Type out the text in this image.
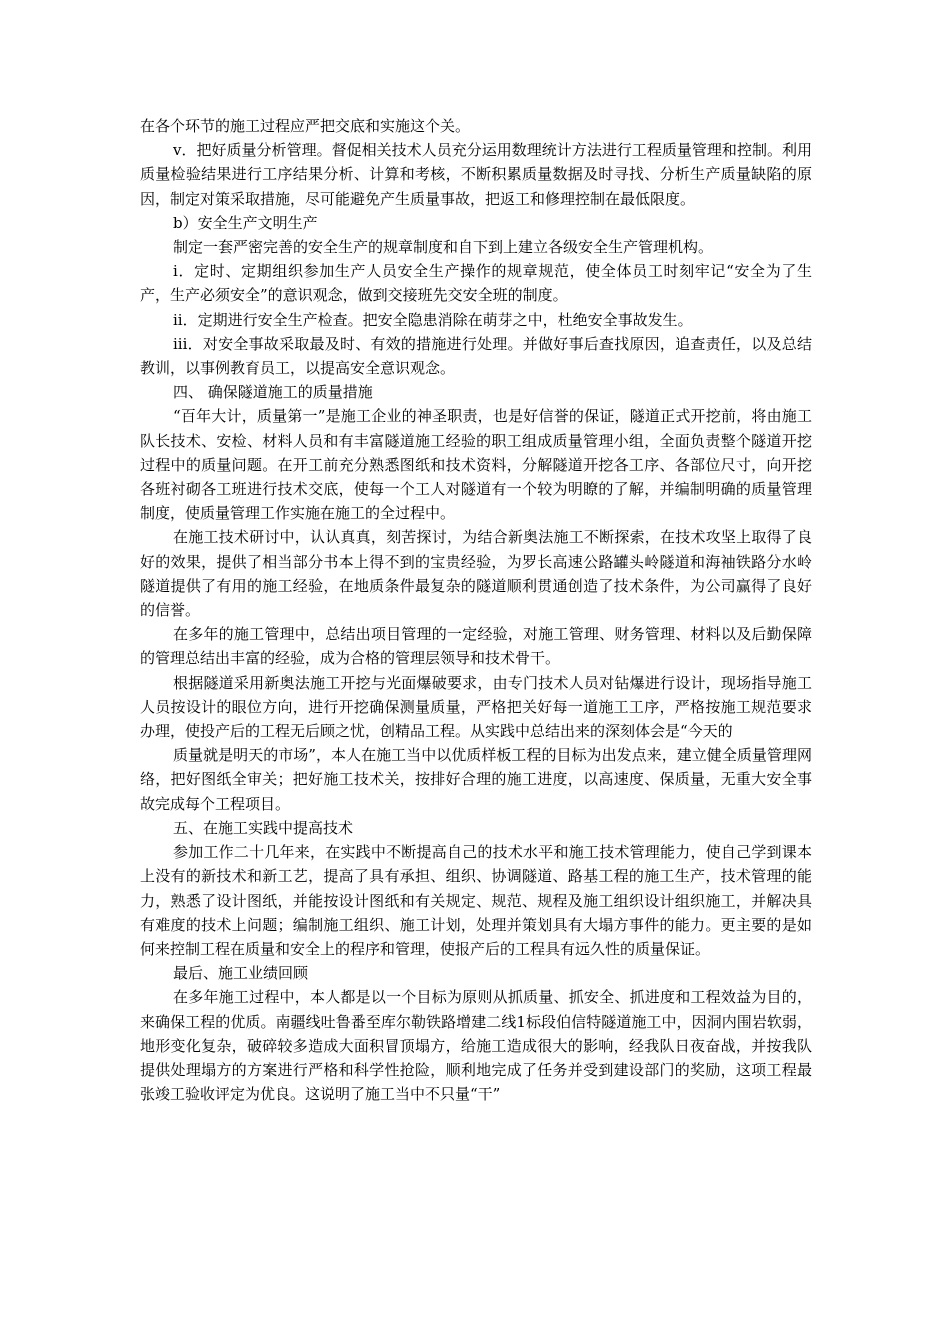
在各个环节的施工过程应严把交底和实施这个关。

v．把好质量分析管理。督促相关技术人员充分运用数理统计方法进行工程质量管理和控制。利用质量检验结果进行工序结果分析、计算和考核，不断积累质量数据及时寻找、分析生产质量缺陷的原因，制定对策采取措施，尽可能避免产生质量事故，把返工和修理控制在最低限度。

b）安全生产文明生产

制定一套严密完善的安全生产的规章制度和自下到上建立各级安全生产管理机构。

i．定时、定期组织参加生产人员安全生产操作的规章规范，使全体员工时刻牢记“安全为了生产，生产必须安全”的意识观念，做到交接班先交安全班的制度。

ii．定期进行安全生产检查。把安全隐患消除在萌芽之中，杜绝安全事故发生。

iii．对安全事故采取最及时、有效的措施进行处理。并做好事后查找原因，追查责任，以及总结教训，以事例教育员工，以提高安全意识观念。

四、 确保隧道施工的质量措施

“百年大计，质量第一”是施工企业的神圣职责，也是好信誉的保证，隧道正式开挖前，将由施工队长技术、安检、材料人员和有丰富隧道施工经验的职工组成质量管理小组，全面负责整个隧道开挖过程中的质量问题。在开工前充分熟悉图纸和技术资料，分解隧道开挖各工序、各部位尺寸，向开挖各班衬砌各工班进行技术交底，使每一个工人对隧道有一个较为明瞭的了解，并编制明确的质量管理制度，使质量管理工作实施在施工的全过程中。

在施工技术研讨中，认认真真，刻苦探讨，为结合新奥法施工不断探索，在技术攻坚上取得了良好的效果，提供了相当部分书本上得不到的宝贵经验，为罗长高速公路罐头岭隧道和海袖铁路分水岭隧道提供了有用的施工经验，在地质条件最复杂的隧道顺利贯通创造了技术条件，为公司赢得了良好的信誉。

在多年的施工管理中，总结出项目管理的一定经验，对施工管理、财务管理、材料以及后勤保障的管理总结出丰富的经验，成为合格的管理层领导和技术骨干。

根据隧道采用新奥法施工开挖与光面爆破要求，由专门技术人员对钻爆进行设计，现场指导施工人员按设计的眼位方向，进行开挖确保测量质量，严格把关好每一道施工工序，严格按施工规范要求办理，使投产后的工程无后顾之忧，创精品工程。从实践中总结出来的深刻体会是“今天的

质量就是明天的市场”，本人在施工当中以优质样板工程的目标为出发点来，建立健全质量管理网络，把好图纸全审关；把好施工技术关，按排好合理的施工进度，以高速度、保质量，无重大安全事故完成每个工程项目。

五、在施工实践中提高技术

参加工作二十几年来，在实践中不断提高自己的技术水平和施工技术管理能力，使自己学到课本上没有的新技术和新工艺，提高了具有承担、组织、协调隧道、路基工程的施工生产，技术管理的能力，熟悉了设计图纸，并能按设计图纸和有关规定、规范、规程及施工组织设计组织施工，并解决具有难度的技术上问题；编制施工组织、施工计划，处理并策划具有大塌方事件的能力。更主要的是如何来控制工程在质量和安全上的程序和管理，使报产后的工程具有远久性的质量保证。

最后、施工业绩回顾

在多年施工过程中，本人都是以一个目标为原则从抓质量、抓安全、抓进度和工程效益为目的，来确保工程的优质。南疆线吐鲁番至库尔勒铁路增建二线1标段伯信特隧道施工中，因洞内围岩软弱，地形变化复杂，破碎较多造成大面积冒顶塌方，给施工造成很大的影响，经我队日夜奋战，并按我队提供处理塌方的方案进行严格和科学性抢险，顺利地完成了任务并受到建设部门的奖励，这项工程最张竣工验收评定为优良。这说明了施工当中不只量“干”
